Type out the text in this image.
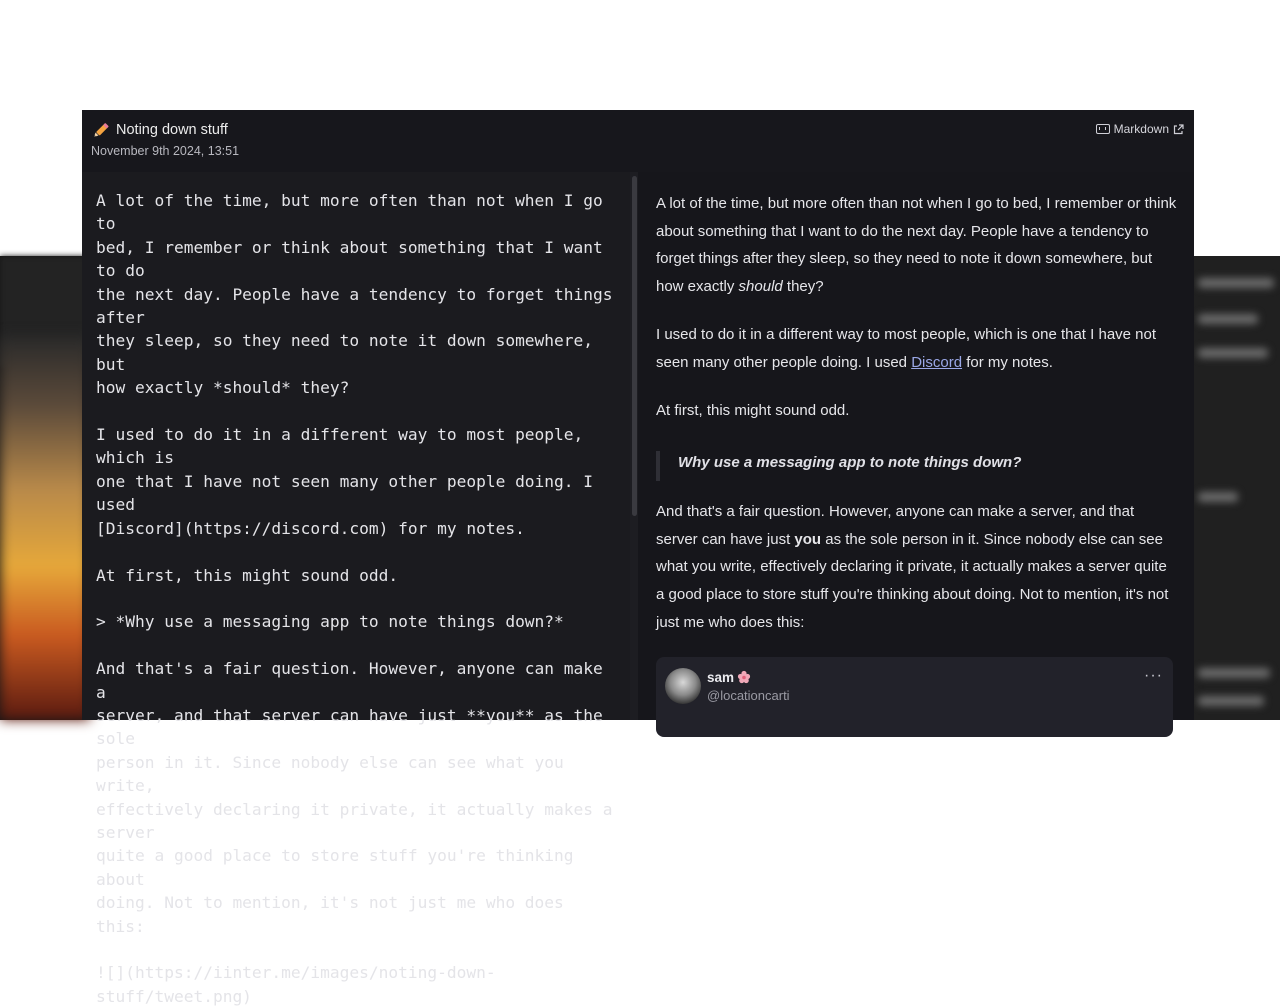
Noting down stuff
November 9th 2024, 13:51
Markdown
A lot of the time, but more often than not when I go to
bed, I remember or think about something that I want to do
the next day. People have a tendency to forget things after
they sleep, so they need to note it down somewhere, but
how exactly *should* they?

I used to do it in a different way to most people, which is
one that I have not seen many other people doing. I used
[Discord](https://discord.com) for my notes.

At first, this might sound odd.

> *Why use a messaging app to note things down?*

And that's a fair question. However, anyone can make a
server, and that server can have just **you** as the sole
person in it. Since nobody else can see what you write,
effectively declaring it private, it actually makes a server
quite a good place to store stuff you're thinking about
doing. Not to mention, it's not just me who does this:

![](https://iinter.me/images/noting-down-
stuff/tweet.png)

A lot of the time, but more often than not when I go to bed, I remember or think about something that I want to do the next day. People have a tendency to forget things after they sleep, so they need to note it down somewhere, but how exactly should they?

I used to do it in a different way to most people, which is one that I have not seen many other people doing. I used Discord for my notes.

At first, this might sound odd.

Why use a messaging app to note things down?

And that's a fair question. However, anyone can make a server, and that server can have just you as the sole person in it. Since nobody else can see what you write, effectively declaring it private, it actually makes a server quite a good place to store stuff you're thinking about doing. Not to mention, it's not just me who does this:

sam
@locationcarti
···
